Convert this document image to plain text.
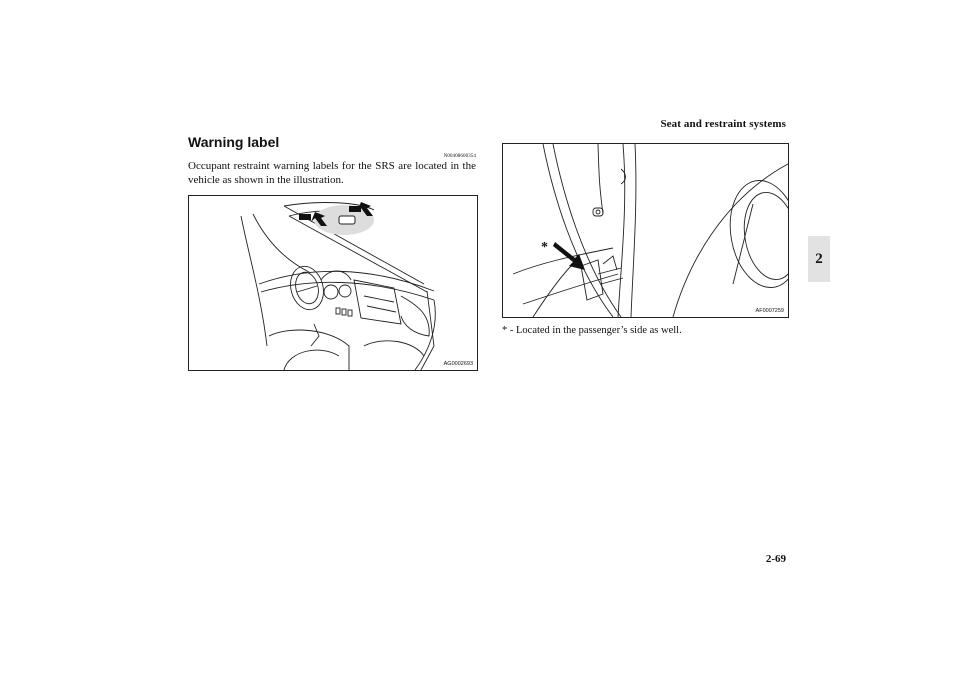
Seat and restraint systems
2
Warning label
N00408600354
Occupant restraint warning labels for the SRS are located in the vehicle as shown in the illustration.
AG0002693
*
AF0007259
* - Located in the passenger’s side as well.
2-69
